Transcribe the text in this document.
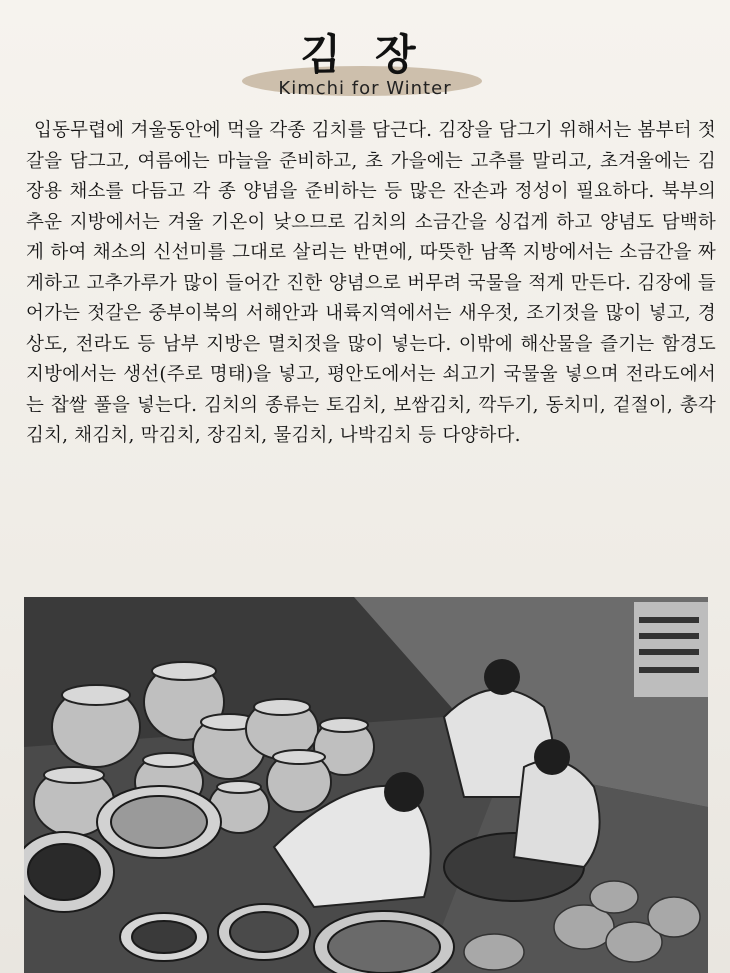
김장
Kimchi for Winter
입동무렵에 겨울동안에 먹을 각종 김치를 담근다. 김장을 담그기 위해서는 봄부터 젓갈을 담그고, 여름에는 마늘을 준비하고, 초 가을에는 고추를 말리고, 초겨울에는 김장용 채소를 다듬고 각 종 양념을 준비하는 등 많은 잔손과 정성이 필요하다. 북부의 추운 지방에서는 겨울 기온이 낮으므로 김치의 소금간을 싱겁게 하고 양념도 담백하게 하여 채소의 신선미를 그대로 살리는 반면에, 따뜻한 남쪽 지방에서는 소금간을 짜게하고 고추가루가 많이 들어간 진한 양념으로 버무려 국물을 적게 만든다. 김장에 들어가는 젓갈은 중부이북의 서해안과 내륙지역에서는 새우젓, 조기젓을 많이 넣고, 경상도, 전라도 등 남부 지방은 멸치젓을 많이 넣는다. 이밖에 해산물을 즐기는 함경도 지방에서는 생선(주로 명태)을 넣고, 평안도에서는 쇠고기 국물울 넣으며 전라도에서는 찹쌀 풀을 넣는다. 김치의 종류는 토김치, 보쌈김치, 깍두기, 동치미, 겉절이, 총각김치, 채김치, 막김치, 장김치, 물김치, 나박김치 등 다양하다.
